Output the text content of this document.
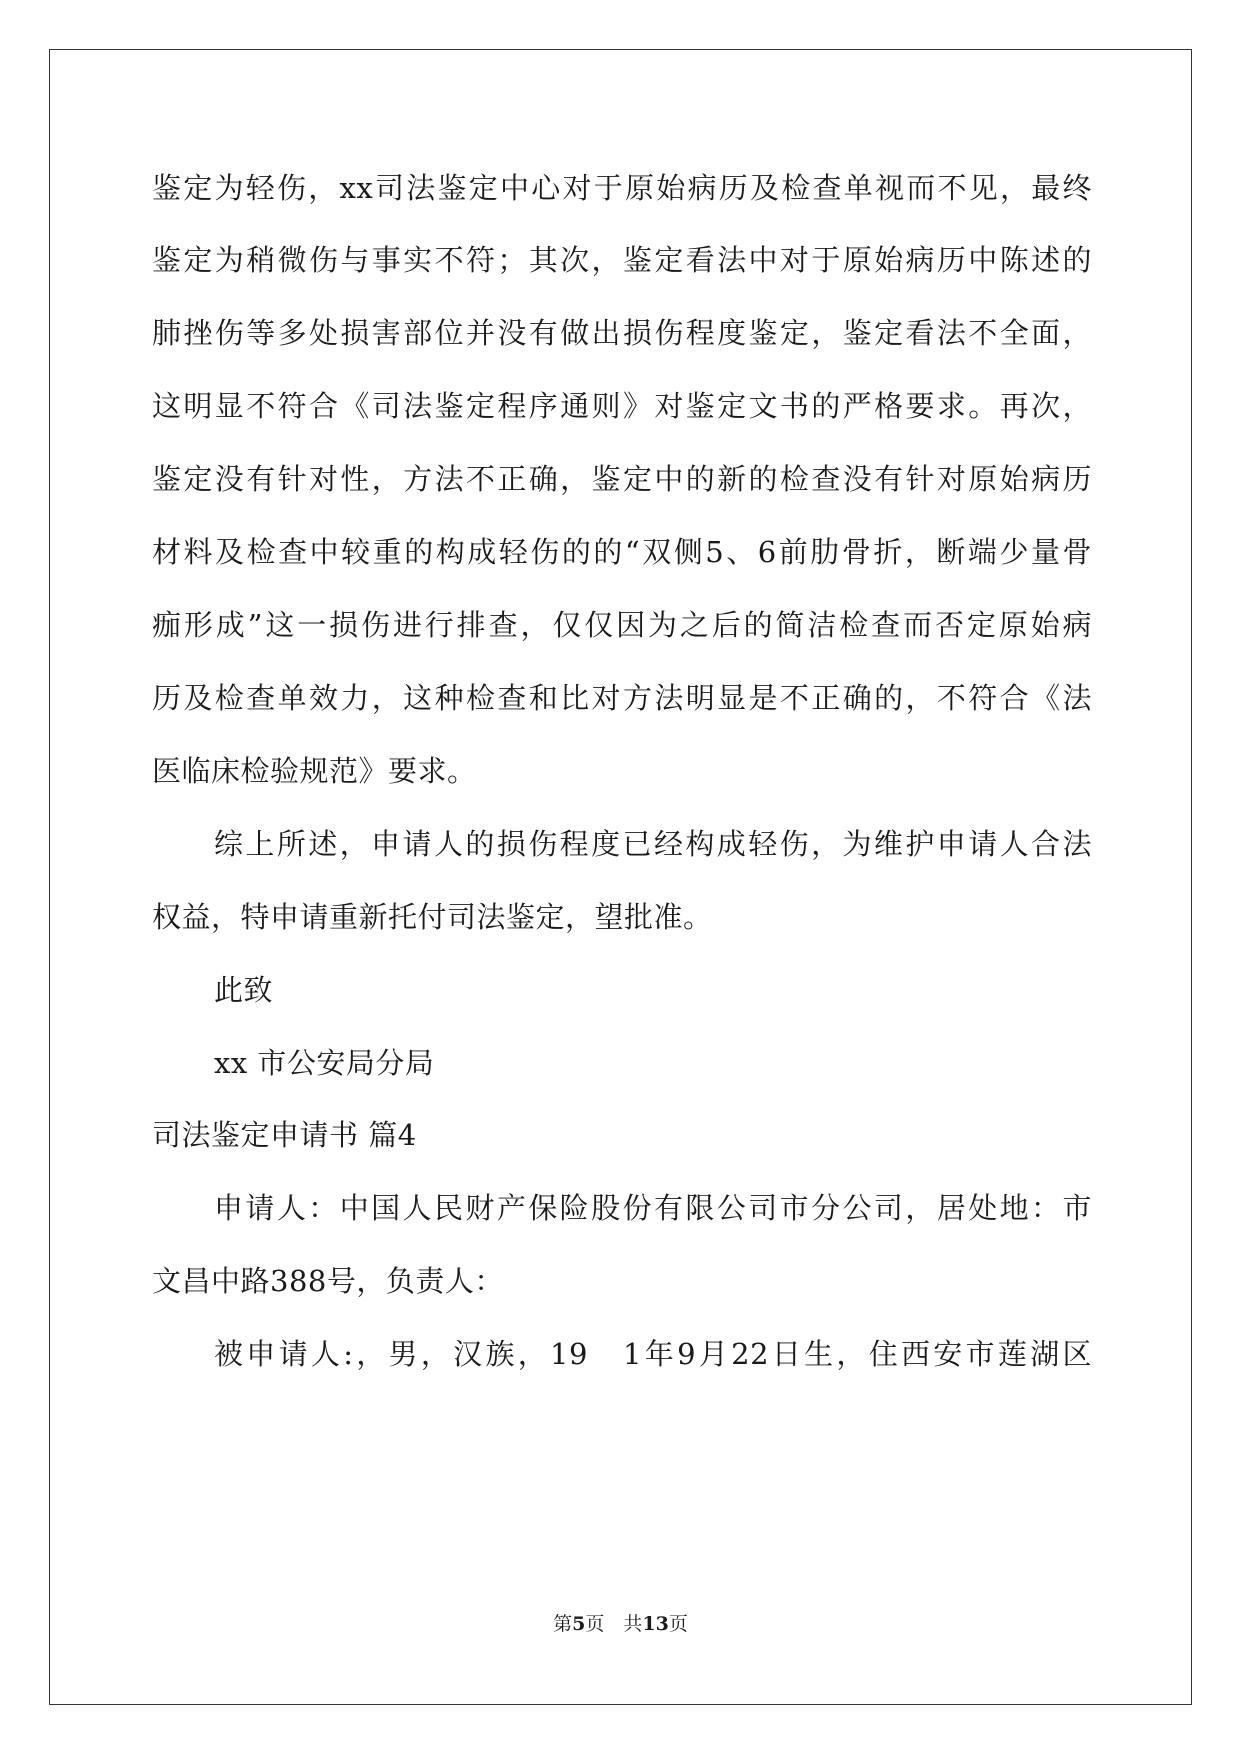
鉴定为轻伤，xx司法鉴定中心对于原始病历及检查单视而不见，最终
鉴定为稍微伤与事实不符；其次，鉴定看法中对于原始病历中陈述的
肺挫伤等多处损害部位并没有做出损伤程度鉴定，鉴定看法不全面，
这明显不符合《司法鉴定程序通则》对鉴定文书的严格要求。再次，
鉴定没有针对性，方法不正确，鉴定中的新的检查没有针对原始病历
材料及检查中较重的构成轻伤的的“双侧5、6前肋骨折，断端少量骨
痂形成”这一损伤进行排查，仅仅因为之后的简洁检查而否定原始病
历及检查单效力，这种检查和比对方法明显是不正确的，不符合《法
医临床检验规范》要求。
综上所述，申请人的损伤程度已经构成轻伤，为维护申请人合法
权益，特申请重新托付司法鉴定，望批准。
此致
xx 市公安局分局
司法鉴定申请书 篇4
申请人：中国人民财产保险股份有限公司市分公司，居处地：市
文昌中路388号，负责人：
被申请人:，男，汉族，19　1年9月22日生，住西安市莲湖区
第5页　共13页
